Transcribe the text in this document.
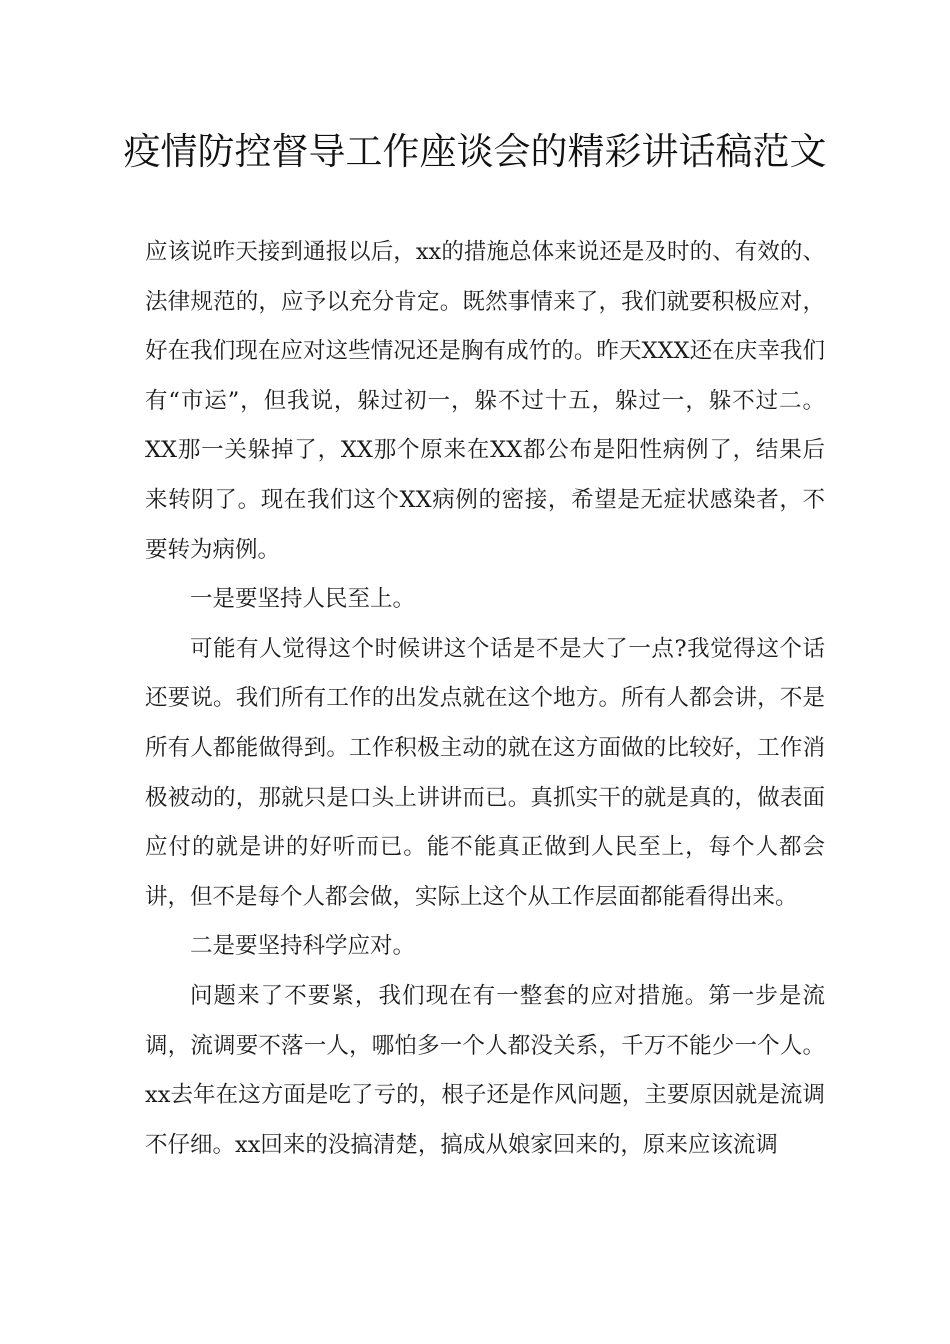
疫情防控督导工作座谈会的精彩讲话稿范文

应该说昨天接到通报以后，xx的措施总体来说还是及时的、有效的、法律规范的，应予以充分肯定。既然事情来了，我们就要积极应对，好在我们现在应对这些情况还是胸有成竹的。昨天XXX还在庆幸我们有“市运”，但我说，躲过初一，躲不过十五，躲过一，躲不过二。XX那一关躲掉了，XX那个原来在XX都公布是阳性病例了，结果后来转阴了。现在我们这个XX病例的密接，希望是无症状感染者，不要转为病例。

一是要坚持人民至上。

可能有人觉得这个时候讲这个话是不是大了一点?我觉得这个话还要说。我们所有工作的出发点就在这个地方。所有人都会讲，不是所有人都能做得到。工作积极主动的就在这方面做的比较好，工作消极被动的，那就只是口头上讲讲而已。真抓实干的就是真的，做表面应付的就是讲的好听而已。能不能真正做到人民至上，每个人都会讲，但不是每个人都会做，实际上这个从工作层面都能看得出来。

二是要坚持科学应对。

问题来了不要紧，我们现在有一整套的应对措施。第一步是流调，流调要不落一人，哪怕多一个人都没关系，千万不能少一个人。xx去年在这方面是吃了亏的，根子还是作风问题，主要原因就是流调不仔细。xx回来的没搞清楚，搞成从娘家回来的，原来应该流调
